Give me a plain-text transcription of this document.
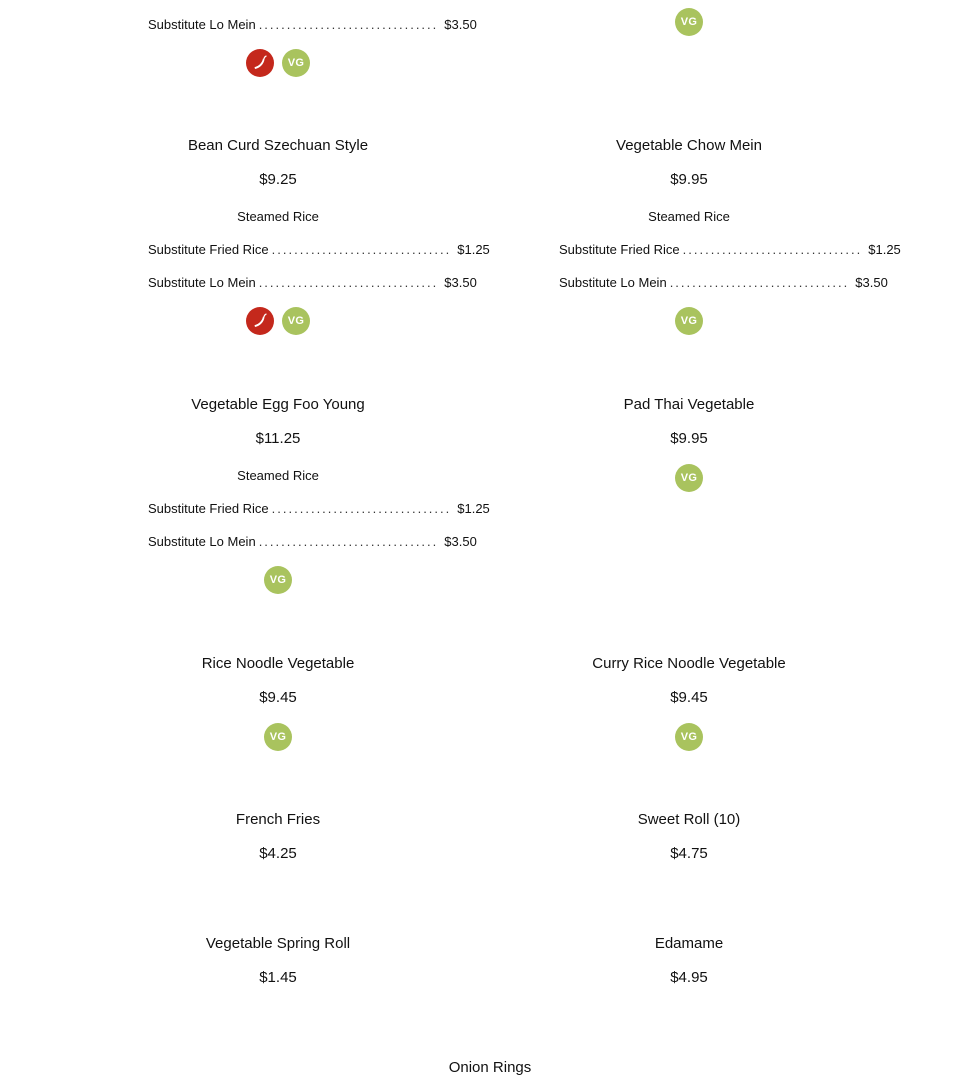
Substitute Lo Mein ................................ $3.50
VG
VG
Bean Curd Szechuan Style
$9.25
Steamed Rice
Substitute Fried Rice ................................ $1.25
Substitute Lo Mein ................................ $3.50
VG
Vegetable Chow Mein
$9.95
Steamed Rice
Substitute Fried Rice ................................ $1.25
Substitute Lo Mein ................................ $3.50
VG
Vegetable Egg Foo Young
$11.25
Steamed Rice
Substitute Fried Rice ................................ $1.25
Substitute Lo Mein ................................ $3.50
VG
Pad Thai Vegetable
$9.95
VG
Rice Noodle Vegetable
$9.45
VG
Curry Rice Noodle Vegetable
$9.45
VG
French Fries
$4.25
Sweet Roll (10)
$4.75
Vegetable Spring Roll
$1.45
Edamame
$4.95
Onion Rings
